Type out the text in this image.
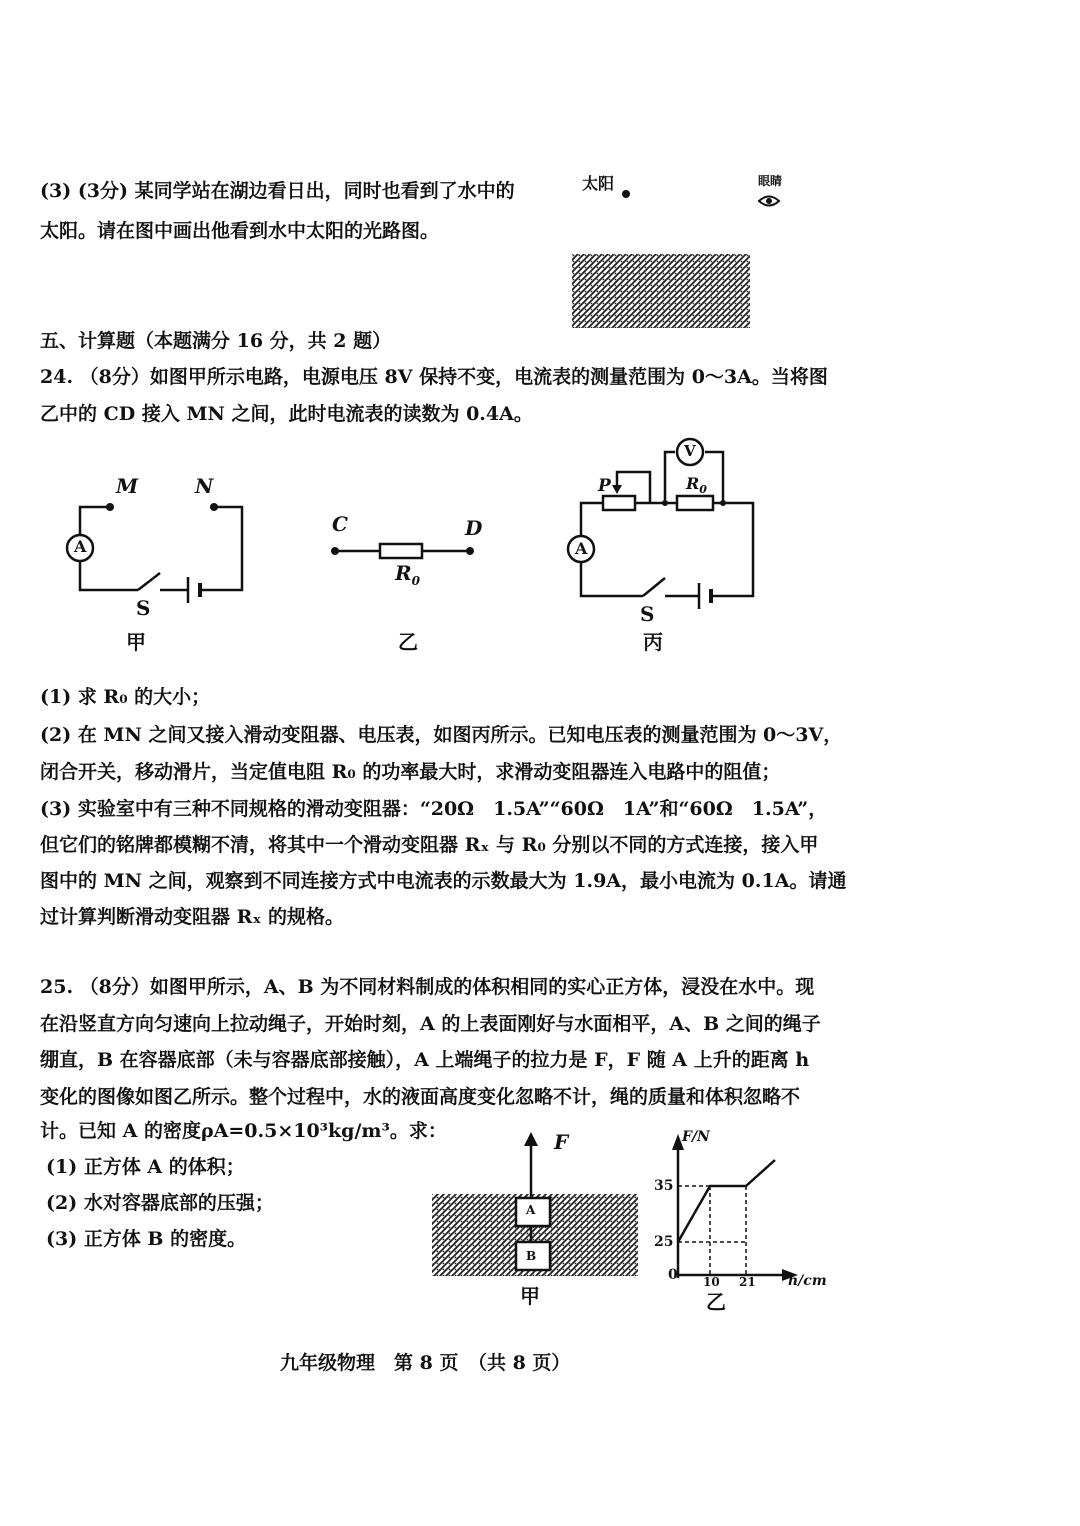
(3) (3分) 某同学站在湖边看日出，同时也看到了水中的
太阳。请在图中画出他看到水中太阳的光路图。
太阳	眼睛
五、计算题（本题满分 16 分，共 2 题）
24. （8分）如图甲所示电路，电源电压 8V 保持不变，电流表的测量范围为 0～3A。当将图
乙中的 CD 接入 MN 之间，此时电流表的读数为 0.4A。
A
M	N
S
甲
C	D
$R_0$
乙
V
A
P	$R_0$
S
丙
(1) 求 R₀ 的大小；
(2) 在 MN 之间又接入滑动变阻器、电压表，如图丙所示。已知电压表的测量范围为 0～3V，
闭合开关，移动滑片，当定值电阻 R₀ 的功率最大时，求滑动变阻器连入电路中的阻值；
(3) 实验室中有三种不同规格的滑动变阻器：“20Ω　1.5A”“60Ω　1A”和“60Ω　1.5A”，
但它们的铭牌都模糊不清，将其中一个滑动变阻器 Rₓ 与 R₀ 分别以不同的方式连接，接入甲
图中的 MN 之间，观察到不同连接方式中电流表的示数最大为 1.9A，最小电流为 0.1A。请通
过计算判断滑动变阻器 Rₓ 的规格。
25. （8分）如图甲所示，A、B 为不同材料制成的体积相同的实心正方体，浸没在水中。现
在沿竖直方向匀速向上拉动绳子，开始时刻，A 的上表面刚好与水面相平，A、B 之间的绳子
绷直，B 在容器底部（未与容器底部接触），A 上端绳子的拉力是 F，F 随 A 上升的距离 h
变化的图像如图乙所示。整个过程中，水的液面高度变化忽略不计，绳的质量和体积忽略不
计。已知 A 的密度ρA=0.5×10³kg/m³。求：
(1) 正方体 A 的体积；
(2) 水对容器底部的压强；
(3) 正方体 B 的密度。
F
A
B
甲
F/N
h/cm
35
25
0 10 21
乙
九年级物理　第 8 页　（共 8 页）
